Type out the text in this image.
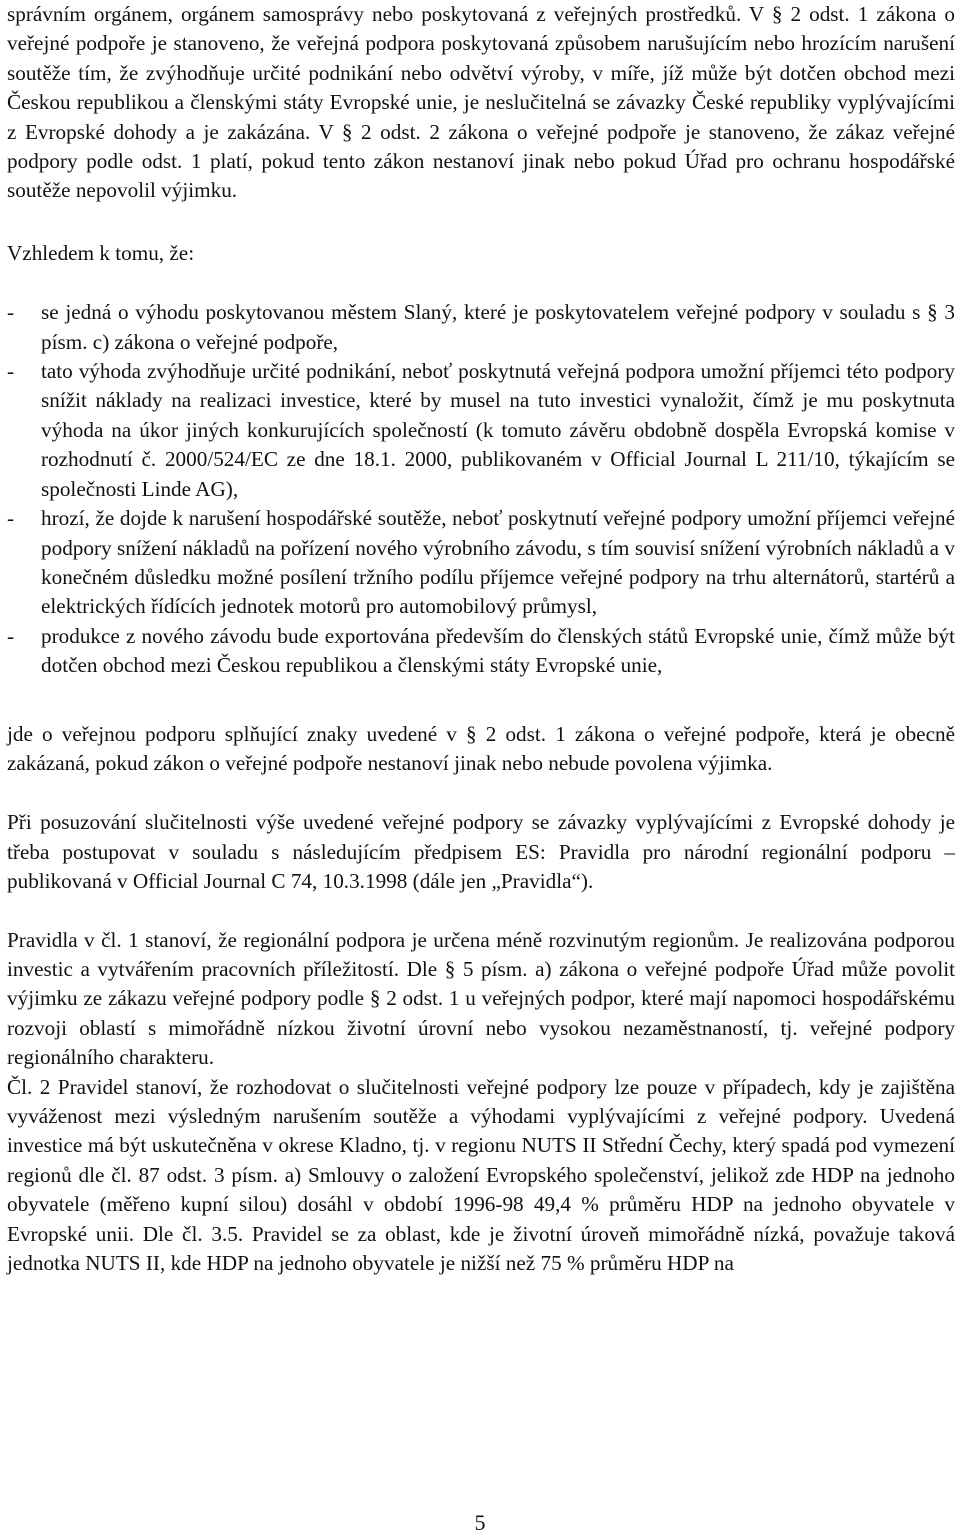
správním orgánem, orgánem samosprávy nebo poskytovaná z veřejných prostředků. V § 2 odst. 1 zákona o veřejné podpoře je stanoveno, že veřejná podpora poskytovaná způsobem narušujícím nebo hrozícím narušení soutěže tím, že zvýhodňuje určité podnikání nebo odvětví výroby, v míře, jíž může být dotčen obchod mezi Českou republikou a členskými státy Evropské unie, je neslučitelná se závazky České republiky vyplývajícími z Evropské dohody a je zakázána. V § 2 odst. 2 zákona o veřejné podpoře je stanoveno, že zákaz veřejné podpory podle odst. 1 platí, pokud tento zákon nestanoví jinak nebo pokud Úřad pro ochranu hospodářské soutěže nepovolil výjimku.

Vzhledem k tomu, že:

-	se jedná o výhodu poskytovanou městem Slaný, které je poskytovatelem veřejné podpory v souladu s § 3 písm. c) zákona o veřejné podpoře,
-	tato výhoda zvýhodňuje určité podnikání, neboť poskytnutá veřejná podpora umožní příjemci této podpory snížit náklady na realizaci investice, které by musel na tuto investici vynaložit, čímž je mu poskytnuta výhoda na úkor jiných konkurujících společností (k tomuto závěru obdobně dospěla Evropská komise v rozhodnutí č. 2000/524/EC ze dne 18.1. 2000, publikovaném v Official Journal L 211/10, týkajícím se společnosti Linde AG),
-	hrozí, že dojde k narušení hospodářské soutěže, neboť poskytnutí veřejné podpory umožní příjemci veřejné podpory snížení nákladů na pořízení nového výrobního závodu, s tím souvisí snížení výrobních nákladů a v konečném důsledku možné posílení tržního podílu příjemce veřejné podpory na trhu alternátorů, startérů a elektrických řídících jednotek motorů pro automobilový průmysl,
-	produkce z nového závodu bude exportována především do členských států Evropské unie, čímž může být dotčen obchod mezi Českou republikou a členskými státy Evropské unie,

jde o veřejnou podporu splňující znaky uvedené v § 2 odst. 1 zákona o veřejné podpoře, která je obecně zakázaná, pokud zákon o veřejné podpoře nestanoví jinak nebo nebude povolena výjimka.

Při posuzování slučitelnosti výše uvedené veřejné podpory se závazky vyplývajícími z Evropské dohody je třeba postupovat v souladu s následujícím předpisem ES: Pravidla pro národní regionální podporu – publikovaná v Official Journal C 74, 10.3.1998 (dále jen „Pravidla“).

Pravidla v čl. 1 stanoví, že regionální podpora je určena méně rozvinutým regionům. Je realizována podporou investic a vytvářením pracovních příležitostí. Dle § 5 písm. a) zákona o veřejné podpoře Úřad může povolit výjimku ze zákazu veřejné podpory podle § 2 odst. 1 u veřejných podpor, které mají napomoci hospodářskému rozvoji oblastí s mimořádně nízkou životní úrovní nebo vysokou nezaměstnaností, tj. veřejné podpory regionálního charakteru.

Čl. 2 Pravidel stanoví, že rozhodovat o slučitelnosti veřejné podpory lze pouze v případech, kdy je zajištěna vyváženost mezi výsledným narušením soutěže a výhodami vyplývajícími z veřejné podpory. Uvedená investice má být uskutečněna v okrese Kladno, tj. v regionu NUTS II Střední Čechy, který spadá pod vymezení regionů dle čl. 87 odst. 3 písm. a) Smlouvy o založení Evropského společenství, jelikož zde HDP na jednoho obyvatele (měřeno kupní silou) dosáhl v období 1996-98 49,4 % průměru HDP na jednoho obyvatele v Evropské unii. Dle čl. 3.5. Pravidel se za oblast, kde je životní úroveň mimořádně nízká, považuje taková jednotka NUTS II, kde HDP na jednoho obyvatele je nižší než 75 % průměru HDP na

5
